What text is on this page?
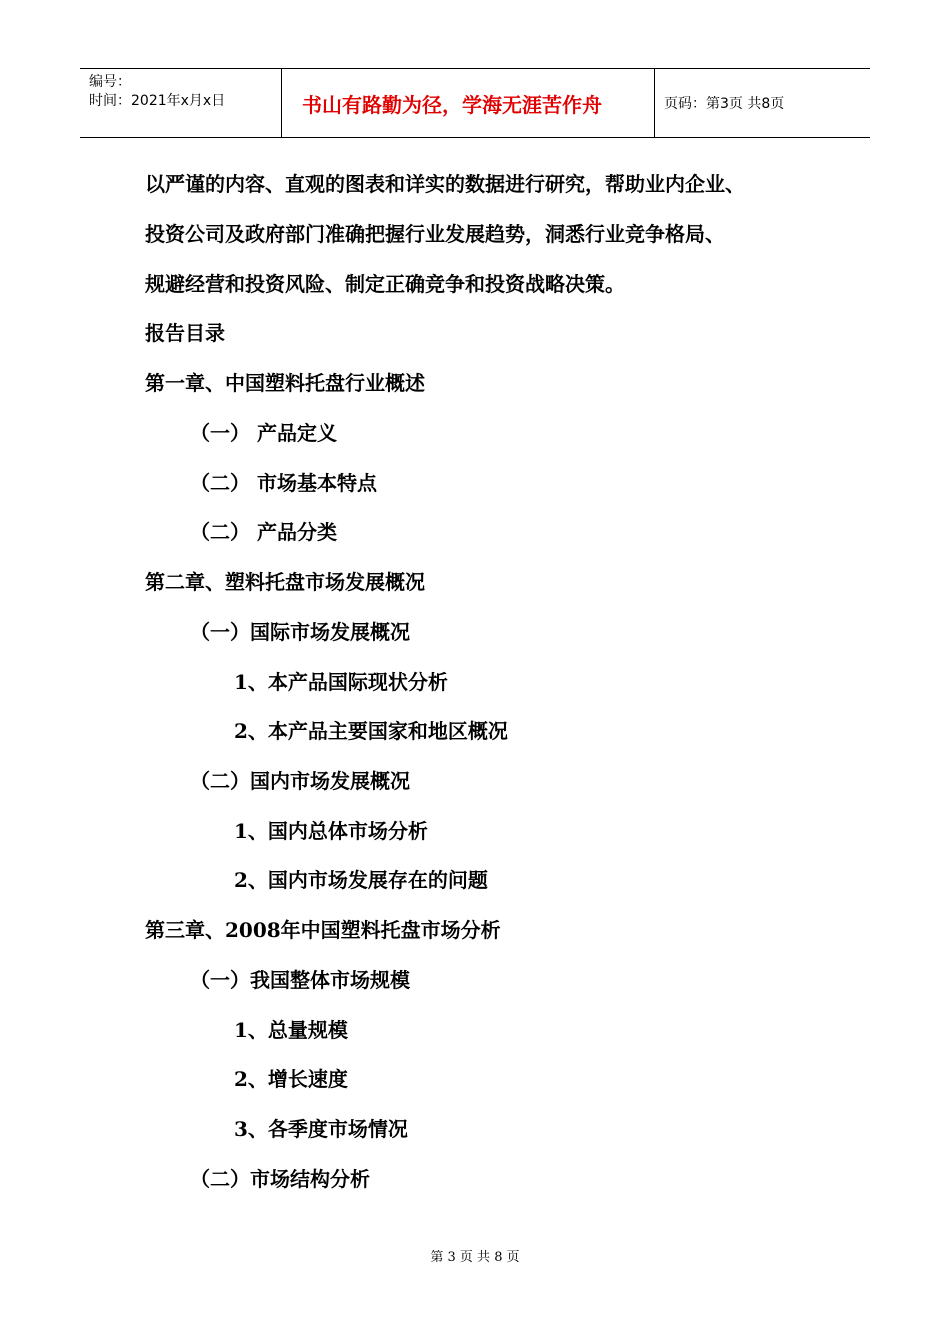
编号：
时间：2021年x月x日	书山有路勤为径，学海无涯苦作舟	页码：第3页 共8页
以严谨的内容、直观的图表和详实的数据进行研究，帮助业内企业、
投资公司及政府部门准确把握行业发展趋势，洞悉行业竞争格局、
规避经营和投资风险、制定正确竞争和投资战略决策。
报告目录
第一章、中国塑料托盘行业概述
（一） 产品定义
（二） 市场基本特点
（二） 产品分类
第二章、塑料托盘市场发展概况
（一）国际市场发展概况
1、本产品国际现状分析
2、本产品主要国家和地区概况
（二）国内市场发展概况
1、国内总体市场分析
2、国内市场发展存在的问题
第三章、2008年中国塑料托盘市场分析
（一）我国整体市场规模
1、总量规模
2、增长速度
3、各季度市场情况
（二）市场结构分析
第 3 页 共 8 页
